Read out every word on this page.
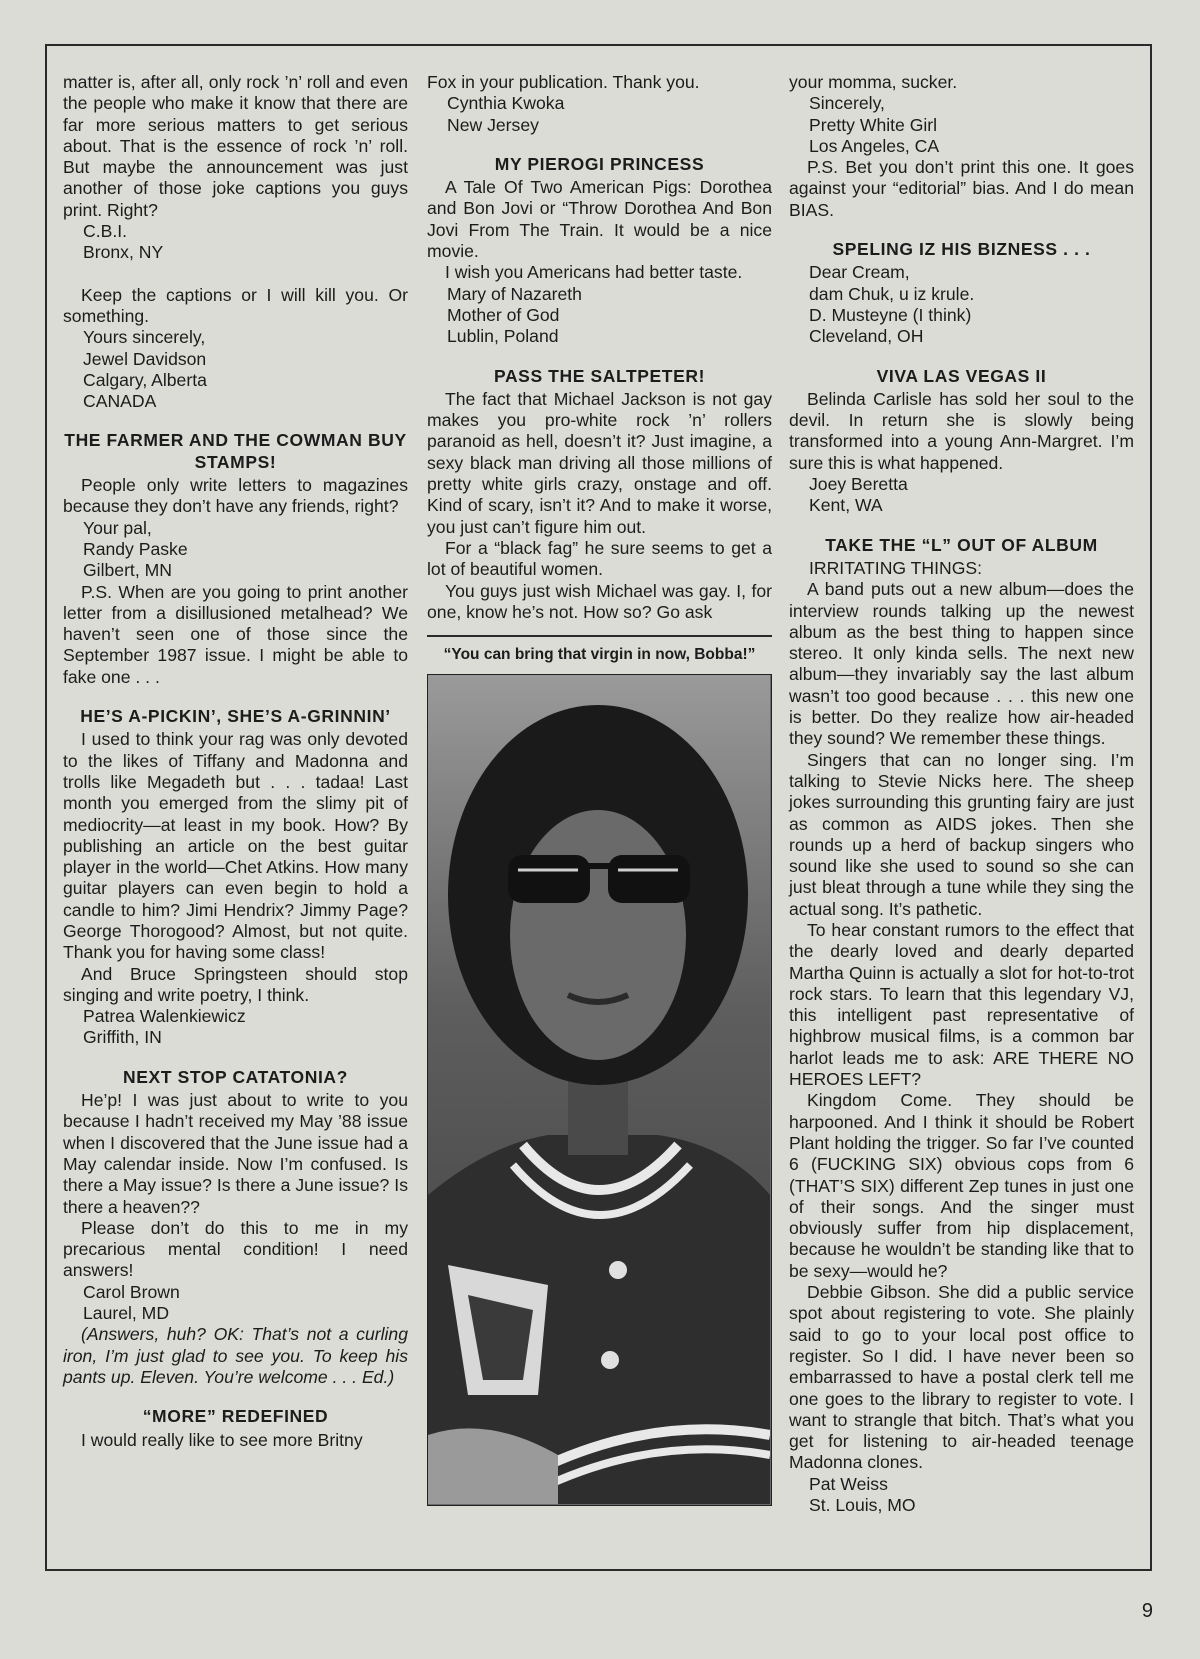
matter is, after all, only rock ’n’ roll and even the people who make it know that there are far more serious matters to get serious about. That is the essence of rock ’n’ roll. But maybe the announcement was just another of those joke captions you guys print. Right?

C.B.I.

Bronx, NY

Keep the captions or I will kill you. Or something.

Yours sincerely,

Jewel Davidson

Calgary, Alberta

CANADA

THE FARMER AND THE COWMAN BUY STAMPS!

People only write letters to magazines because they don’t have any friends, right?

Your pal,

Randy Paske

Gilbert, MN

P.S. When are you going to print another letter from a disillusioned metalhead? We haven’t seen one of those since the September 1987 issue. I might be able to fake one . . .

HE’S A-PICKIN’, SHE’S A-GRINNIN’

I used to think your rag was only devoted to the likes of Tiffany and Madonna and trolls like Megadeth but . . . tadaa! Last month you emerged from the slimy pit of mediocrity—at least in my book. How? By publishing an article on the best guitar player in the world—Chet Atkins. How many guitar players can even begin to hold a candle to him? Jimi Hendrix? Jimmy Page? George Thorogood? Almost, but not quite. Thank you for having some class!

And Bruce Springsteen should stop singing and write poetry, I think.

Patrea Walenkiewicz

Griffith, IN

NEXT STOP CATATONIA?

He’p! I was just about to write to you because I hadn’t received my May ’88 issue when I discovered that the June issue had a May calendar inside. Now I’m confused. Is there a May issue? Is there a June issue? Is there a heaven??

Please don’t do this to me in my precarious mental condition! I need answers!

Carol Brown

Laurel, MD

(Answers, huh? OK: That’s not a curling iron, I’m just glad to see you. To keep his pants up. Eleven. You’re welcome . . . Ed.)

“MORE” REDEFINED

I would really like to see more Britny

Fox in your publication. Thank you.

Cynthia Kwoka

New Jersey

MY PIEROGI PRINCESS

A Tale Of Two American Pigs: Dorothea and Bon Jovi or “Throw Dorothea And Bon Jovi From The Train. It would be a nice movie.

I wish you Americans had better taste.

Mary of Nazareth

Mother of God

Lublin, Poland

PASS THE SALTPETER!

The fact that Michael Jackson is not gay makes you pro-white rock ’n’ rollers paranoid as hell, doesn’t it? Just imagine, a sexy black man driving all those millions of pretty white girls crazy, onstage and off. Kind of scary, isn’t it? And to make it worse, you just can’t figure him out.

For a “black fag” he sure seems to get a lot of beautiful women.

You guys just wish Michael was gay. I, for one, know he’s not. How so? Go ask

“You can bring that virgin in now, Bobba!”

your momma, sucker.

Sincerely,

Pretty White Girl

Los Angeles, CA

P.S. Bet you don’t print this one. It goes against your “editorial” bias. And I do mean BIAS.

SPELING IZ HIS BIZNESS . . .

Dear Cream,

dam Chuk, u iz krule.

D. Musteyne (I think)

Cleveland, OH

VIVA LAS VEGAS II

Belinda Carlisle has sold her soul to the devil. In return she is slowly being transformed into a young Ann-Margret. I’m sure this is what happened.

Joey Beretta

Kent, WA

TAKE THE “L” OUT OF ALBUM

IRRITATING THINGS:

A band puts out a new album—does the interview rounds talking up the newest album as the best thing to happen since stereo. It only kinda sells. The next new album—they invariably say the last album wasn’t too good because . . . this new one is better. Do they realize how air-headed they sound? We remember these things.

Singers that can no longer sing. I’m talking to Stevie Nicks here. The sheep jokes surrounding this grunting fairy are just as common as AIDS jokes. Then she rounds up a herd of backup singers who sound like she used to sound so she can just bleat through a tune while they sing the actual song. It’s pathetic.

To hear constant rumors to the effect that the dearly loved and dearly departed Martha Quinn is actually a slot for hot-to-trot rock stars. To learn that this legendary VJ, this intelligent past representative of highbrow musical films, is a common bar harlot leads me to ask: ARE THERE NO HEROES LEFT?

Kingdom Come. They should be harpooned. And I think it should be Robert Plant holding the trigger. So far I’ve counted 6 (FUCKING SIX) obvious cops from 6 (THAT’S SIX) different Zep tunes in just one of their songs. And the singer must obviously suffer from hip displacement, because he wouldn’t be standing like that to be sexy—would he?

Debbie Gibson. She did a public service spot about registering to vote. She plainly said to go to your local post office to register. So I did. I have never been so embarrassed to have a postal clerk tell me one goes to the library to register to vote. I want to strangle that bitch. That’s what you get for listening to air-headed teenage Madonna clones.

Pat Weiss

St. Louis, MO

9
